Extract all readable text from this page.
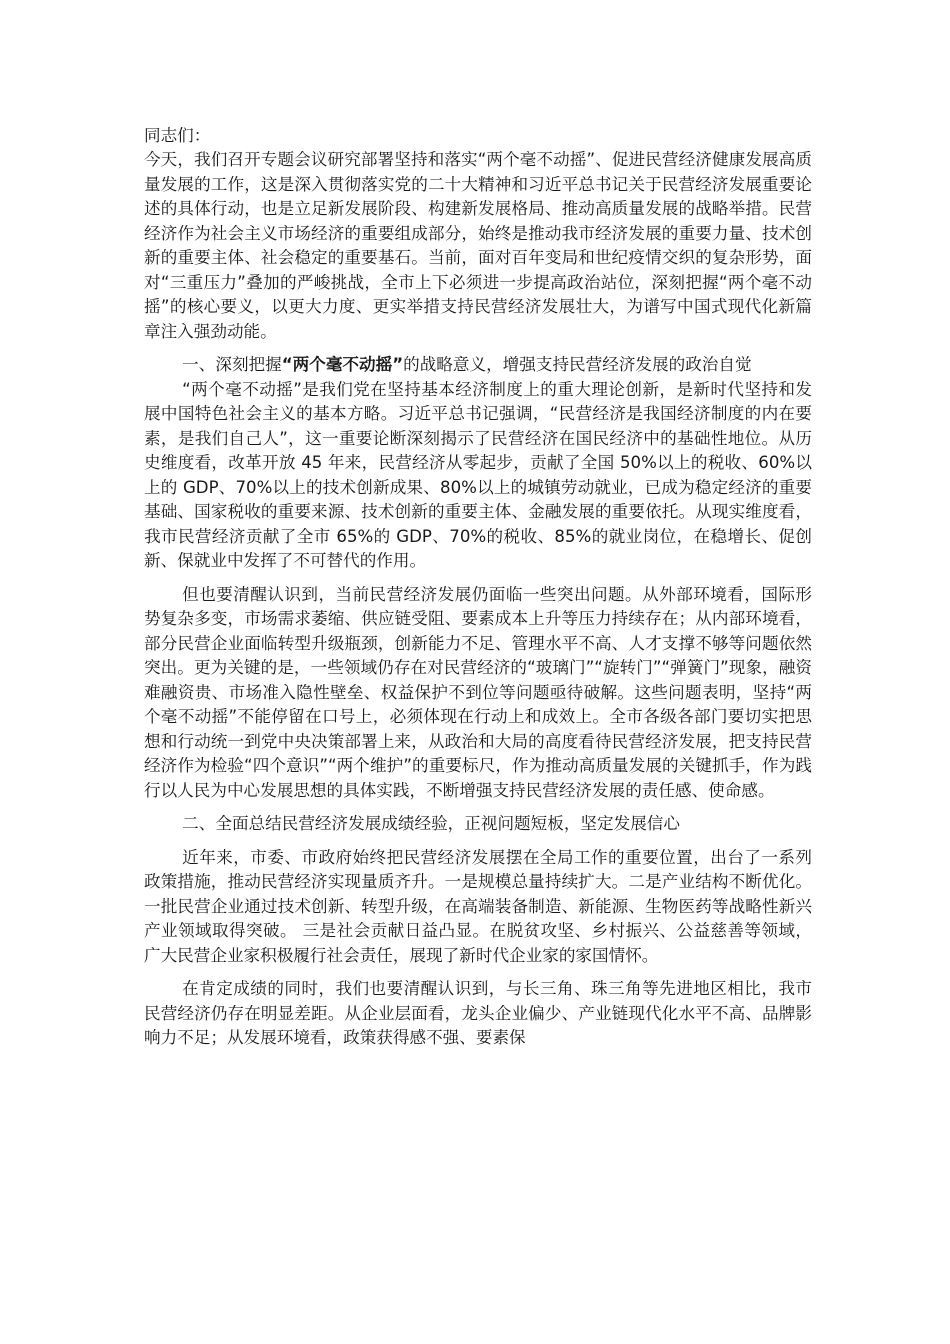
同志们：

今天，我们召开专题会议研究部署坚持和落实“两个毫不动摇”、促进民营经济健康发展高质量发展的工作，这是深入贯彻落实党的二十大精神和习近平总书记关于民营经济发展重要论述的具体行动，也是立足新发展阶段、构建新发展格局、推动高质量发展的战略举措。民营经济作为社会主义市场经济的重要组成部分，始终是推动我市经济发展的重要力量、技术创新的重要主体、社会稳定的重要基石。当前，面对百年变局和世纪疫情交织的复杂形势，面对“三重压力”叠加的严峻挑战，全市上下必须进一步提高政治站位，深刻把握“两个毫不动摇”的核心要义，以更大力度、更实举措支持民营经济发展壮大，为谱写中国式现代化新篇章注入强劲动能。

一、深刻把握“两个毫不动摇”的战略意义，增强支持民营经济发展的政治自觉

“两个毫不动摇”是我们党在坚持基本经济制度上的重大理论创新，是新时代坚持和发展中国特色社会主义的基本方略。习近平总书记强调，“民营经济是我国经济制度的内在要素，是我们自己人”，这一重要论断深刻揭示了民营经济在国民经济中的基础性地位。从历史维度看，改革开放 45 年来，民营经济从零起步，贡献了全国 50%以上的税收、60%以上的 GDP、70%以上的技术创新成果、80%以上的城镇劳动就业，已成为稳定经济的重要基础、国家税收的重要来源、技术创新的重要主体、金融发展的重要依托。从现实维度看，我市民营经济贡献了全市 65%的 GDP、70%的税收、85%的就业岗位，在稳增长、促创新、保就业中发挥了不可替代的作用。

但也要清醒认识到，当前民营经济发展仍面临一些突出问题。从外部环境看，国际形势复杂多变，市场需求萎缩、供应链受阻、要素成本上升等压力持续存在；从内部环境看，部分民营企业面临转型升级瓶颈，创新能力不足、管理水平不高、人才支撑不够等问题依然突出。更为关键的是，一些领域仍存在对民营经济的“玻璃门”“旋转门”“弹簧门”现象，融资难融资贵、市场准入隐性壁垒、权益保护不到位等问题亟待破解。这些问题表明，坚持“两个毫不动摇”不能停留在口号上，必须体现在行动上和成效上。全市各级各部门要切实把思想和行动统一到党中央决策部署上来，从政治和大局的高度看待民营经济发展，把支持民营经济作为检验“四个意识”“两个维护”的重要标尺，作为推动高质量发展的关键抓手，作为践行以人民为中心发展思想的具体实践，不断增强支持民营经济发展的责任感、使命感。

二、全面总结民营经济发展成绩经验，正视问题短板，坚定发展信心

近年来，市委、市政府始终把民营经济发展摆在全局工作的重要位置，出台了一系列政策措施，推动民营经济实现量质齐升。一是规模总量持续扩大。二是产业结构不断优化。一批民营企业通过技术创新、转型升级，在高端装备制造、新能源、生物医药等战略性新兴产业领域取得突破。 三是社会贡献日益凸显。在脱贫攻坚、乡村振兴、公益慈善等领域，广大民营企业家积极履行社会责任，展现了新时代企业家的家国情怀。

在肯定成绩的同时，我们也要清醒认识到，与长三角、珠三角等先进地区相比，我市民营经济仍存在明显差距。从企业层面看，龙头企业偏少、产业链现代化水平不高、品牌影响力不足；从发展环境看，政策获得感不强、要素保
